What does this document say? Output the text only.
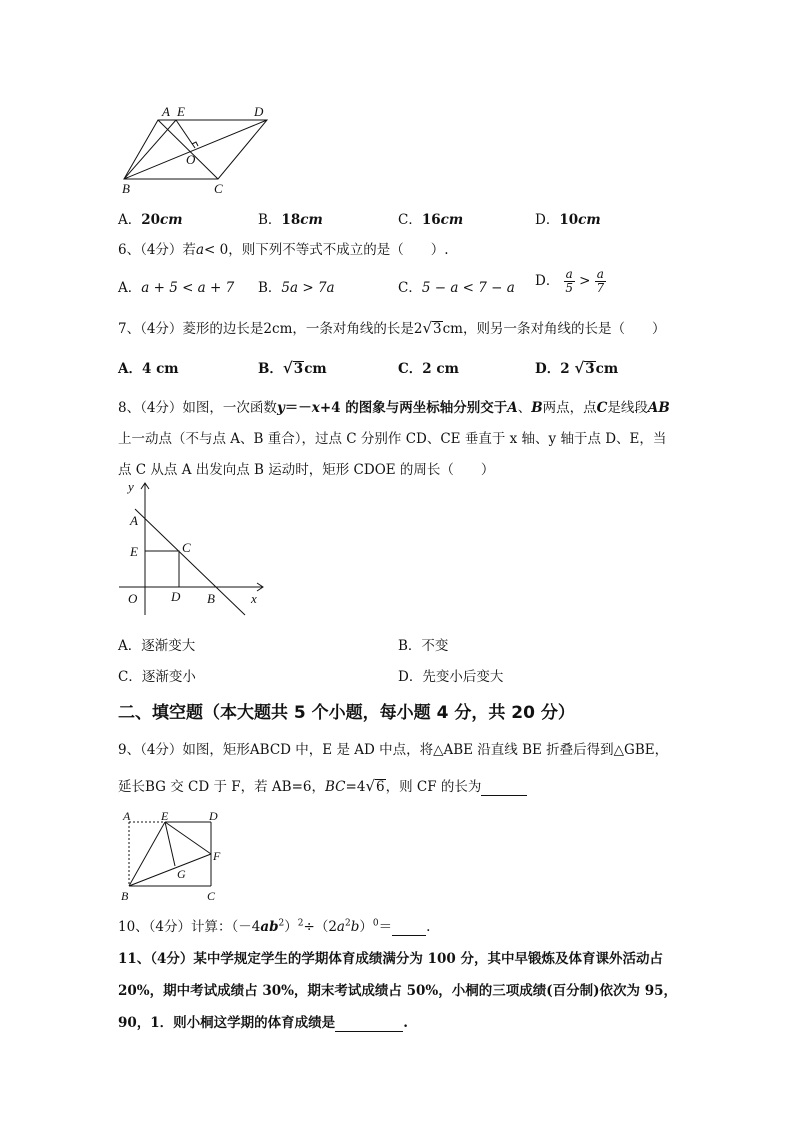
A E	D
O
B	C
A．20cm	B．18cm	C．16cm	D．10cm
6、（4分）若a< 0，则下列不等式不成立的是（　　）.
A．a + 5 < a + 7 B．5a > 7a	C．5 − a < 7 − a D． $\frac{a}{5} > \frac{a}{7}$
7、（4分）菱形的边长是2cm，一条对角线的长是2√3cm，则另一条对角线的长是（　　）
A．4 cm	B．√3cm	C．2 cm	D．2 √3cm
8、（4分）如图，一次函数y＝－x+4 的图象与两坐标轴分别交于A、B两点，点C是线段AB
上一动点（不与点 A、B 重合），过点 C 分别作 CD、CE 垂直于 x 轴、y 轴于点 D、E，当
点 C 从点 A 出发向点 B 运动时，矩形 CDOE 的周长（　　）
y
x
A
E	C
O	D B
A．逐渐变大	B．不变
C．逐渐变小	D．先变小后变大
二、填空题（本大题共 5 个小题，每小题 4 分，共 20 分）
9、（4分）如图，矩形ABCD 中，E 是 AD 中点，将△ABE 沿直线 BE 折叠后得到△GBE，
延长BG 交 CD 于 F，若 AB=6，BC=4√6，则 CF 的长为
A	E	D
F
G
B	C
10、（4分）计算：$(-4ab^2)^2\div(2a^2b)^0=$	.
11、（4分）某中学规定学生的学期体育成绩满分为 100 分，其中早锻炼及体育课外活动占
20%，期中考试成绩占 30%，期末考试成绩占 50%，小桐的三项成绩(百分制)依次为 95，
90，1．则小桐这学期的体育成绩是	.
